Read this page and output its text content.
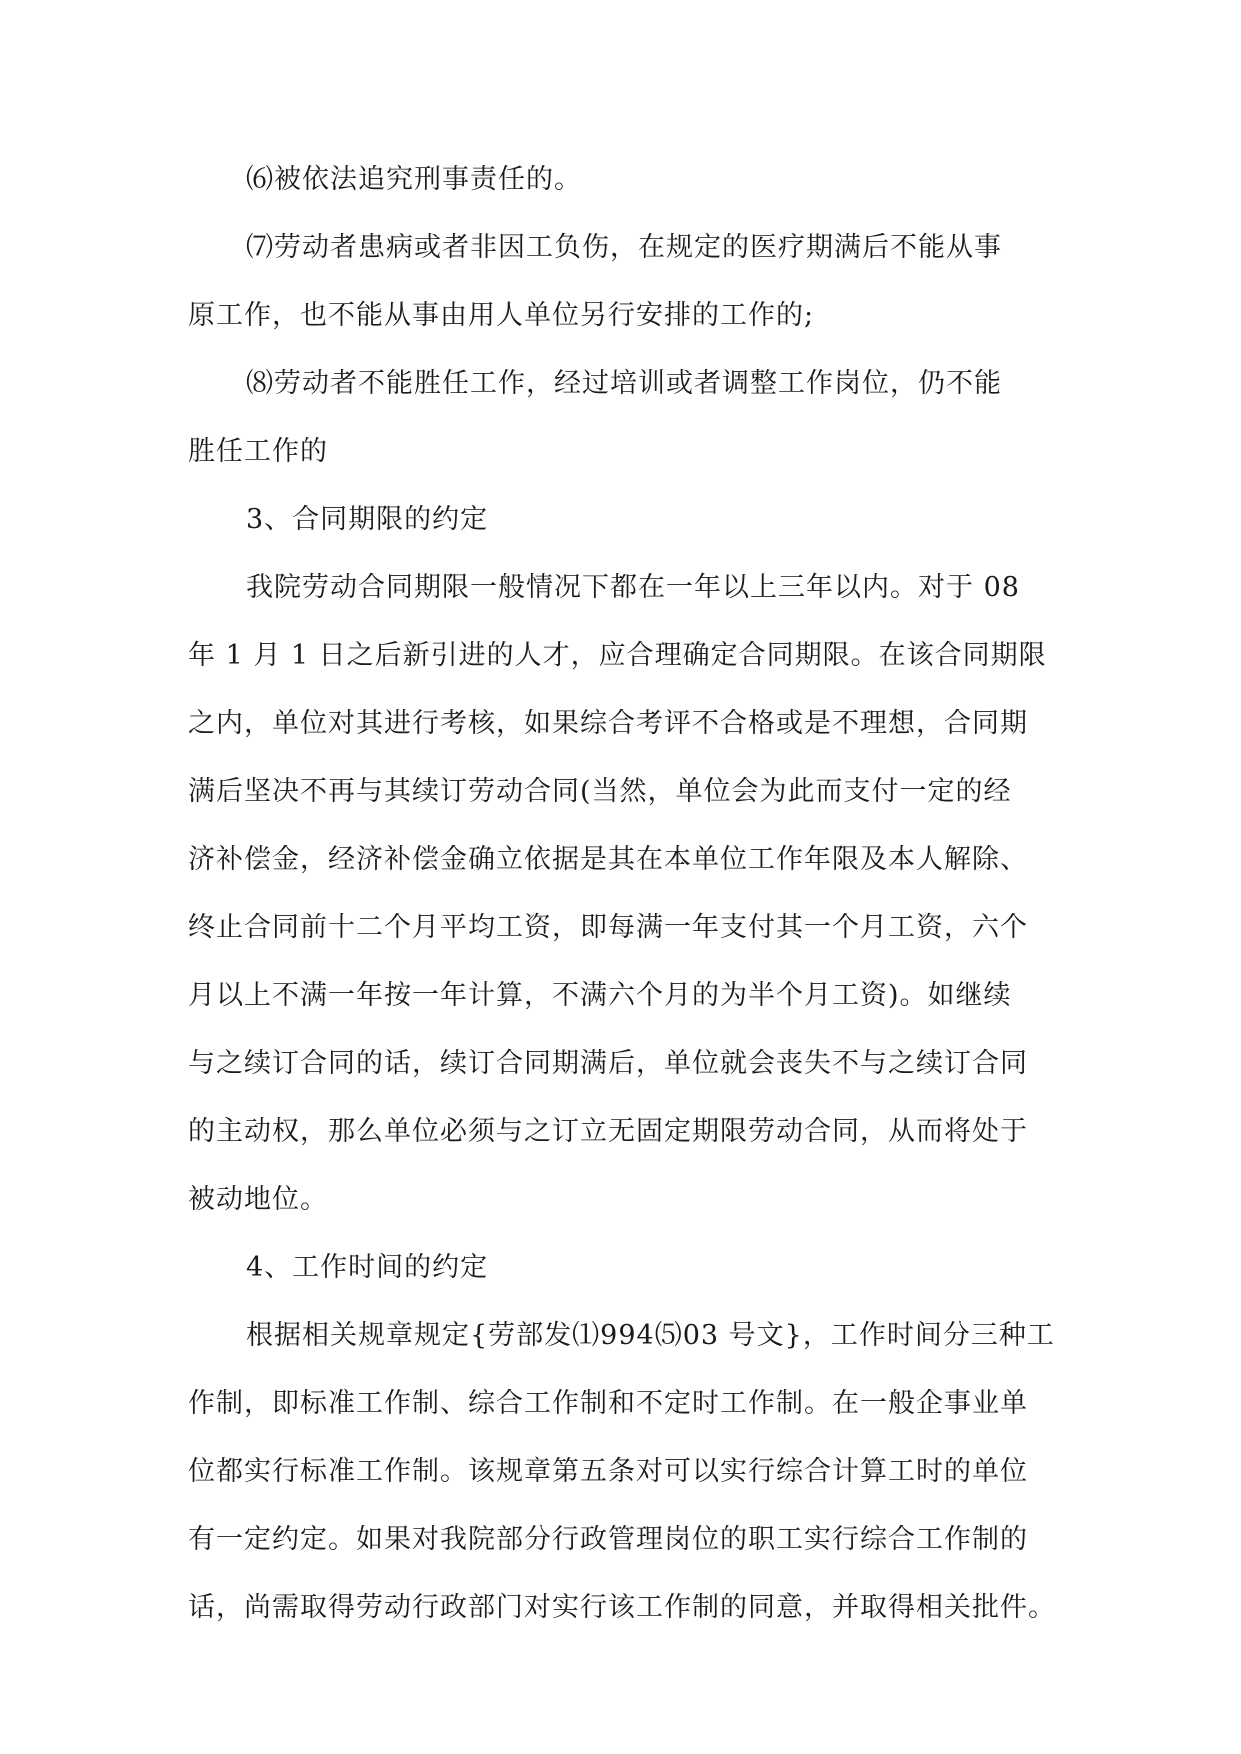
⑹被依法追究刑事责任的。
⑺劳动者患病或者非因工负伤，在规定的医疗期满后不能从事
原工作，也不能从事由用人单位另行安排的工作的;
⑻劳动者不能胜任工作，经过培训或者调整工作岗位，仍不能
胜任工作的
3、合同期限的约定
我院劳动合同期限一般情况下都在一年以上三年以内。对于 08
年 1 月 1 日之后新引进的人才，应合理确定合同期限。在该合同期限
之内，单位对其进行考核，如果综合考评不合格或是不理想，合同期
满后坚决不再与其续订劳动合同(当然，单位会为此而支付一定的经
济补偿金，经济补偿金确立依据是其在本单位工作年限及本人解除、
终止合同前十二个月平均工资，即每满一年支付其一个月工资，六个
月以上不满一年按一年计算，不满六个月的为半个月工资)。如继续
与之续订合同的话，续订合同期满后，单位就会丧失不与之续订合同
的主动权，那么单位必须与之订立无固定期限劳动合同，从而将处于
被动地位。
4、工作时间的约定
根据相关规章规定{劳部发⑴994⑸03 号文}，工作时间分三种工
作制，即标准工作制、综合工作制和不定时工作制。在一般企事业单
位都实行标准工作制。该规章第五条对可以实行综合计算工时的单位
有一定约定。如果对我院部分行政管理岗位的职工实行综合工作制的
话，尚需取得劳动行政部门对实行该工作制的同意，并取得相关批件。
